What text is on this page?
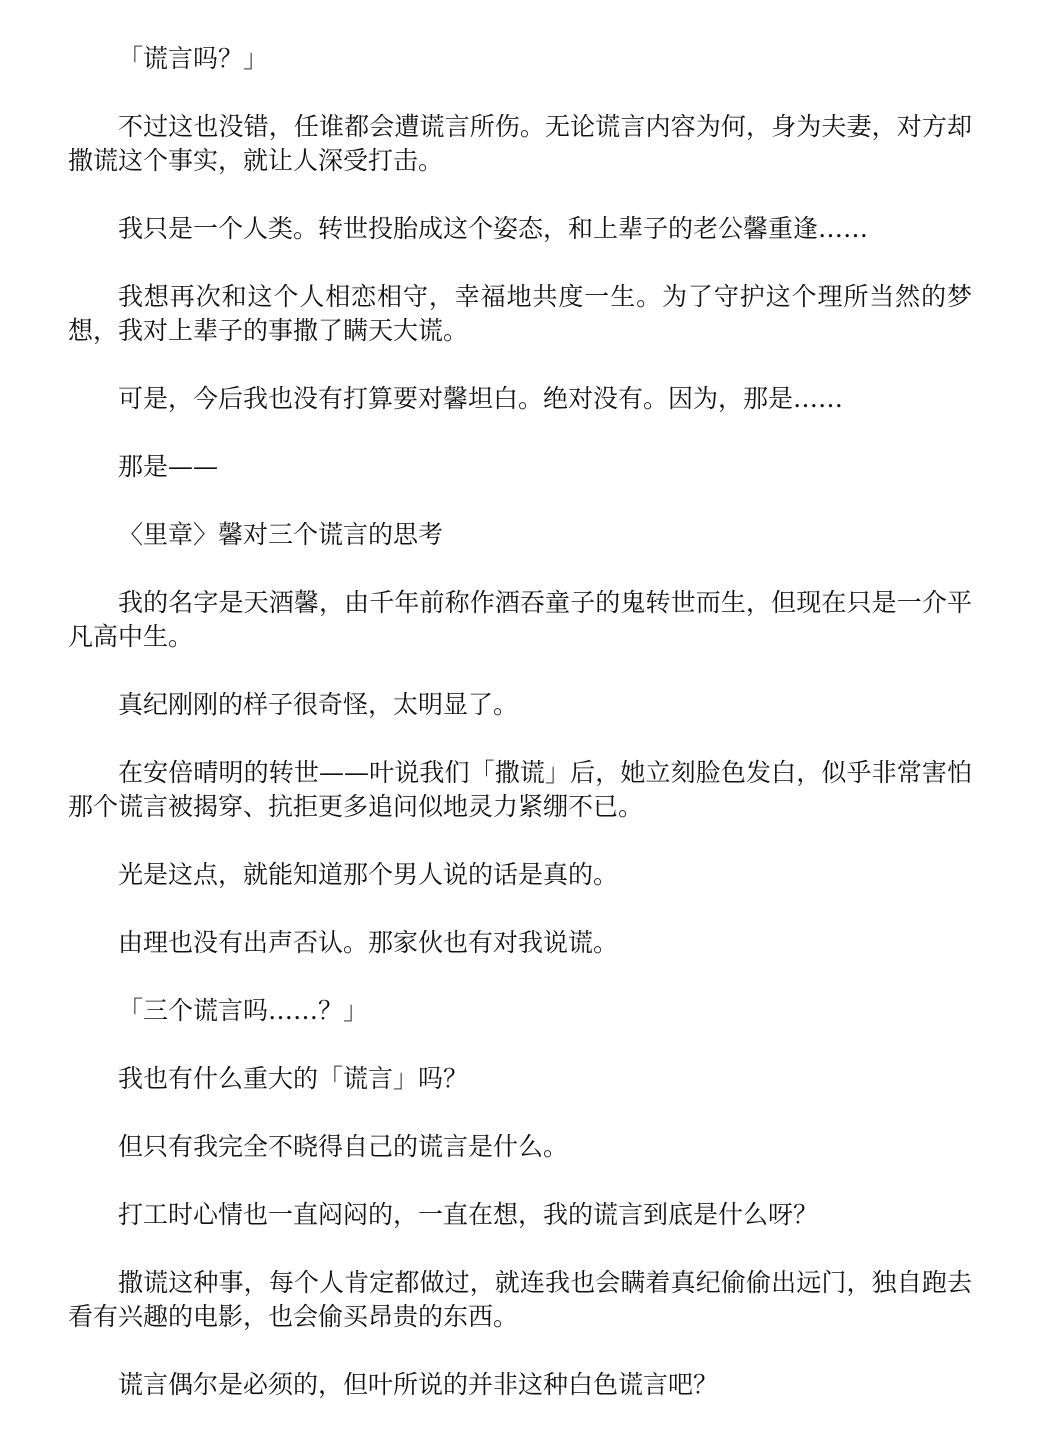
「谎言吗？」

不过这也没错，任谁都会遭谎言所伤。无论谎言内容为何，身为夫妻，对方却撒谎这个事实，就让人深受打击。

我只是一个人类。转世投胎成这个姿态，和上辈子的老公馨重逢……

我想再次和这个人相恋相守，幸福地共度一生。为了守护这个理所当然的梦想，我对上辈子的事撒了瞒天大谎。

可是，今后我也没有打算要对馨坦白。绝对没有。因为，那是……

那是——

〈里章〉馨对三个谎言的思考

我的名字是天酒馨，由千年前称作酒吞童子的鬼转世而生，但现在只是一介平凡高中生。

真纪刚刚的样子很奇怪，太明显了。

在安倍晴明的转世——叶说我们「撒谎」后，她立刻脸色发白，似乎非常害怕那个谎言被揭穿、抗拒更多追问似地灵力紧绷不已。

光是这点，就能知道那个男人说的话是真的。

由理也没有出声否认。那家伙也有对我说谎。

「三个谎言吗……？」

我也有什么重大的「谎言」吗？

但只有我完全不晓得自己的谎言是什么。

打工时心情也一直闷闷的，一直在想，我的谎言到底是什么呀？

撒谎这种事，每个人肯定都做过，就连我也会瞒着真纪偷偷出远门，独自跑去看有兴趣的电影，也会偷买昂贵的东西。

谎言偶尔是必须的，但叶所说的并非这种白色谎言吧？
